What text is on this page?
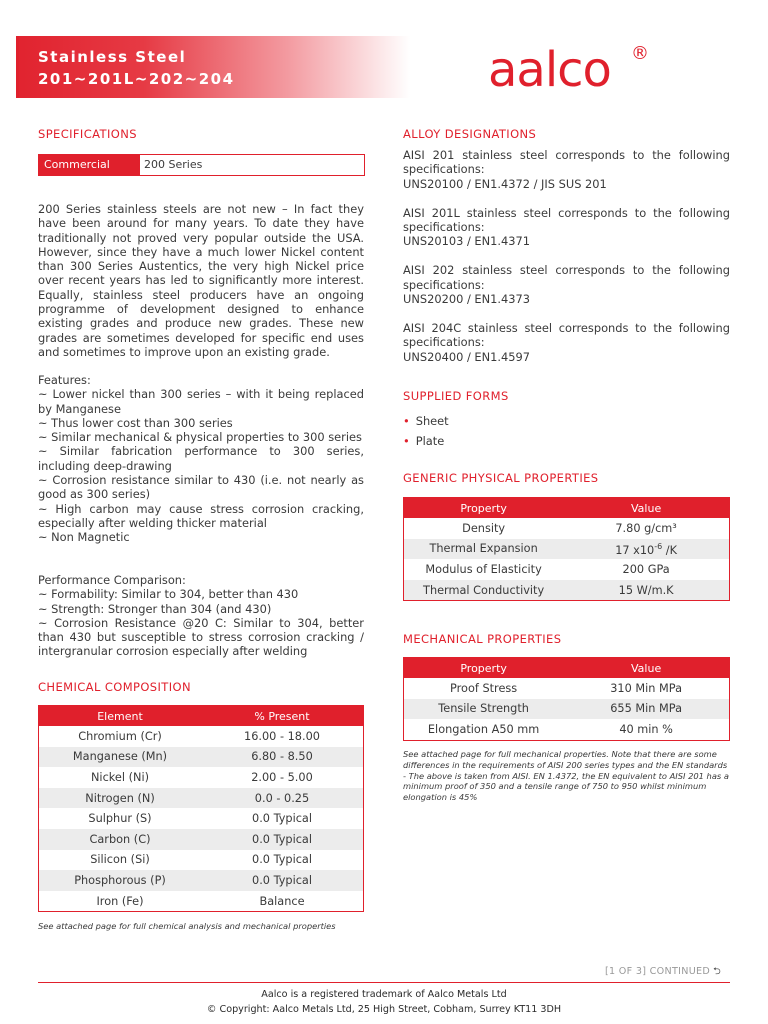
Stainless Steel
201~201L~202~204	aalco ®
SPECIFICATIONS
Commercial	200 Series
200 Series stainless steels are not new – In fact they have been around for many years. To date they have traditionally not proved very popular outside the USA. However, since they have a much lower Nickel content than 300 Series Austentics, the very high Nickel price over recent years has led to significantly more interest. Equally, stainless steel producers have an ongoing programme of development designed to enhance existing grades and produce new grades. These new grades are sometimes developed for specific end uses and sometimes to improve upon an existing grade.
Features:
~ Lower nickel than 300 series – with it being replaced by Manganese
~ Thus lower cost than 300 series
~ Similar mechanical & physical properties to 300 series
~ Similar fabrication performance to 300 series, including deep-drawing
~ Corrosion resistance similar to 430 (i.e. not nearly as good as 300 series)
~ High carbon may cause stress corrosion cracking, especially after welding thicker material
~ Non Magnetic
Performance Comparison:
~ Formability: Similar to 304, better than 430
~ Strength: Stronger than 304 (and 430)
~ Corrosion Resistance @20 C: Similar to 304, better than 430 but susceptible to stress corrosion cracking / intergranular corrosion especially after welding
CHEMICAL COMPOSITION
Element	% Present
Chromium (Cr)	16.00 - 18.00
Manganese (Mn)	6.80 - 8.50
Nickel (Ni)	2.00 - 5.00
Nitrogen (N)	0.0 - 0.25
Sulphur (S)	0.0 Typical
Carbon (C)	0.0 Typical
Silicon (Si)	0.0 Typical
Phosphorous (P)	0.0 Typical
Iron (Fe)	Balance
See attached page for full chemical analysis and mechanical properties
ALLOY DESIGNATIONS
AISI 201 stainless steel corresponds to the following specifications:
UNS20100 / EN1.4372 / JIS SUS 201
AISI 201L stainless steel corresponds to the following specifications:
UNS20103 / EN1.4371
AISI 202 stainless steel corresponds to the following specifications:
UNS20200 / EN1.4373
AISI 204C stainless steel corresponds to the following specifications:
UNS20400 / EN1.4597
SUPPLIED FORMS
• Sheet
• Plate
GENERIC PHYSICAL PROPERTIES
Property	Value
Density	7.80 g/cm³
Thermal Expansion	17 $x10^{-6}$ /K
Modulus of Elasticity	200 GPa
Thermal Conductivity	15 W/m.K
MECHANICAL PROPERTIES
Property	Value
Proof Stress	310 Min MPa
Tensile Strength	655 Min MPa
Elongation A50 mm	40 min %
See attached page for full mechanical properties. Note that there are some differences in the requirements of AISI 200 series types and the EN standards - The above is taken from AISI. EN 1.4372, the EN equivalent to AISI 201 has a minimum proof of 350 and a tensile range of 750 to 950 whilst minimum elongation is 45%
[1 OF 3] CONTINUED ⮌
Aalco is a registered trademark of Aalco Metals Ltd
© Copyright: Aalco Metals Ltd, 25 High Street, Cobham, Surrey KT11 3DH
